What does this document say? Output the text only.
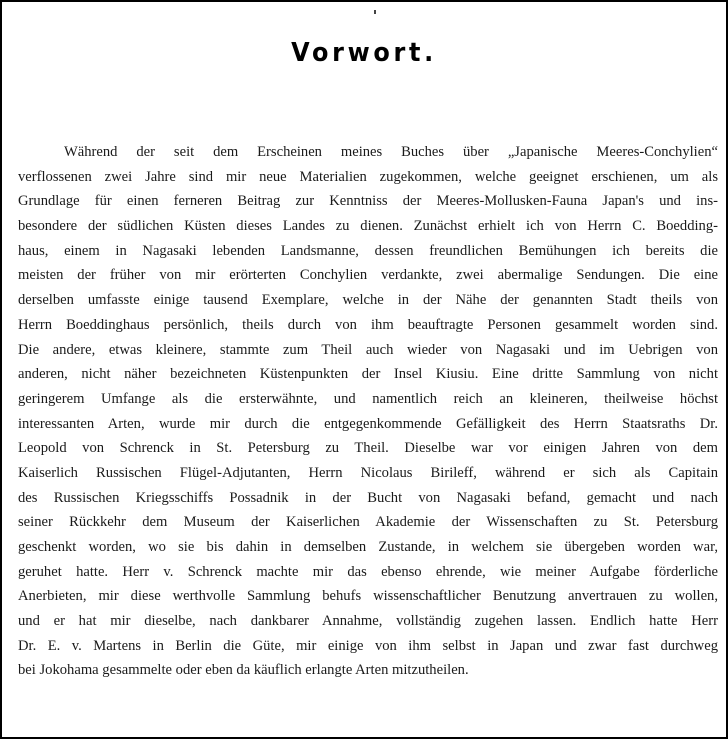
Vorwort.
Während der seit dem Erscheinen meines Buches über „Japanische Meeres-Conchylien“
verflossenen zwei Jahre sind mir neue Materialien zugekommen, welche geeignet erschienen, um als
Grundlage für einen ferneren Beitrag zur Kenntniss der Meeres-Mollusken-Fauna Japan's und ins-
besondere der südlichen Küsten dieses Landes zu dienen. Zunächst erhielt ich von Herrn C. Boedding-
haus, einem in Nagasaki lebenden Landsmanne, dessen freundlichen Bemühungen ich bereits die
meisten der früher von mir erörterten Conchylien verdankte, zwei abermalige Sendungen. Die eine
derselben umfasste einige tausend Exemplare, welche in der Nähe der genannten Stadt theils von
Herrn Boeddinghaus persönlich, theils durch von ihm beauftragte Personen gesammelt worden sind.
Die andere, etwas kleinere, stammte zum Theil auch wieder von Nagasaki und im Uebrigen von
anderen, nicht näher bezeichneten Küstenpunkten der Insel Kiusiu. Eine dritte Sammlung von nicht
geringerem Umfange als die ersterwähnte, und namentlich reich an kleineren, theilweise höchst
interessanten Arten, wurde mir durch die entgegenkommende Gefälligkeit des Herrn Staatsraths Dr.
Leopold von Schrenck in St. Petersburg zu Theil. Dieselbe war vor einigen Jahren von dem
Kaiserlich Russischen Flügel-Adjutanten, Herrn Nicolaus Birileff, während er sich als Capitain
des Russischen Kriegsschiffs Possadnik in der Bucht von Nagasaki befand, gemacht und nach
seiner Rückkehr dem Museum der Kaiserlichen Akademie der Wissenschaften zu St. Petersburg
geschenkt worden, wo sie bis dahin in demselben Zustande, in welchem sie übergeben worden war,
geruhet hatte. Herr v. Schrenck machte mir das ebenso ehrende, wie meiner Aufgabe förderliche
Anerbieten, mir diese werthvolle Sammlung behufs wissenschaftlicher Benutzung anvertrauen zu wollen,
und er hat mir dieselbe, nach dankbarer Annahme, vollständig zugehen lassen. Endlich hatte Herr
Dr. E. v. Martens in Berlin die Güte, mir einige von ihm selbst in Japan und zwar fast durchweg
bei Jokohama gesammelte oder eben da käuflich erlangte Arten mitzutheilen.
